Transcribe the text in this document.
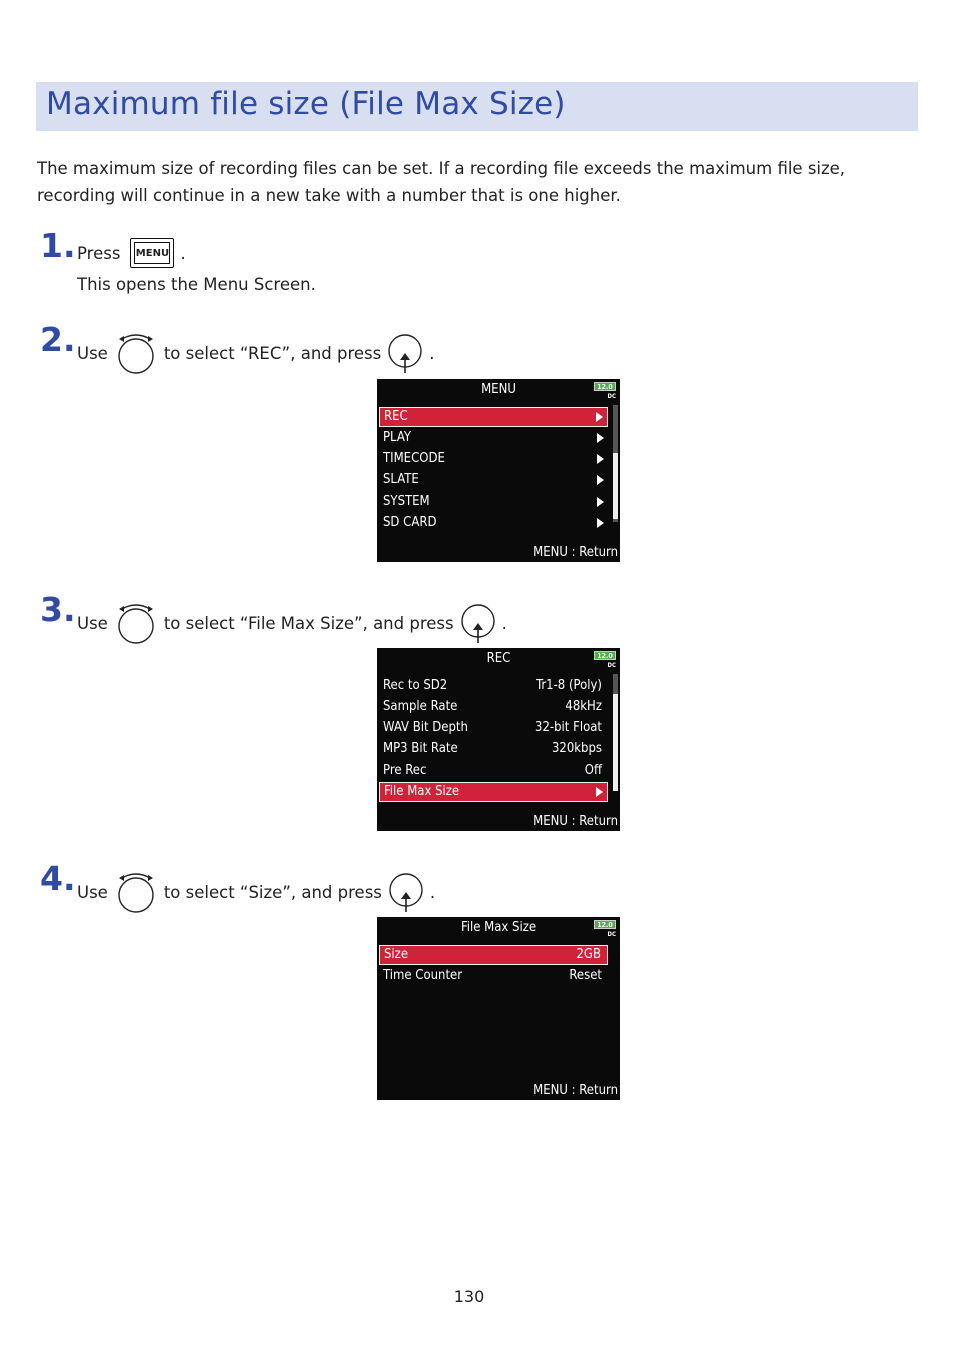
Maximum file size (File Max Size)
The maximum size of recording files can be set. If a recording file exceeds the maximum file size, recording will continue in a new take with a number that is one higher.
1. Press MENU .
This opens the Menu Screen.
2. Use	to select “REC”, and press	.
MENU	12.0
DC
REC
PLAY
TIMECODE
SLATE
SYSTEM
SD CARD
MENU : Return
3. Use	to select “File Max Size”, and press	.
REC	12.0
DC
Rec to SD2	Tr1-8 (Poly)
Sample Rate	48kHz
WAV Bit Depth	32-bit Float
MP3 Bit Rate	320kbps
Pre Rec	Off
File Max Size
MENU : Return
4. Use	to select “Size”, and press	.
File Max Size	12.0
DC
Size	2GB
Time Counter	Reset
MENU : Return
130
